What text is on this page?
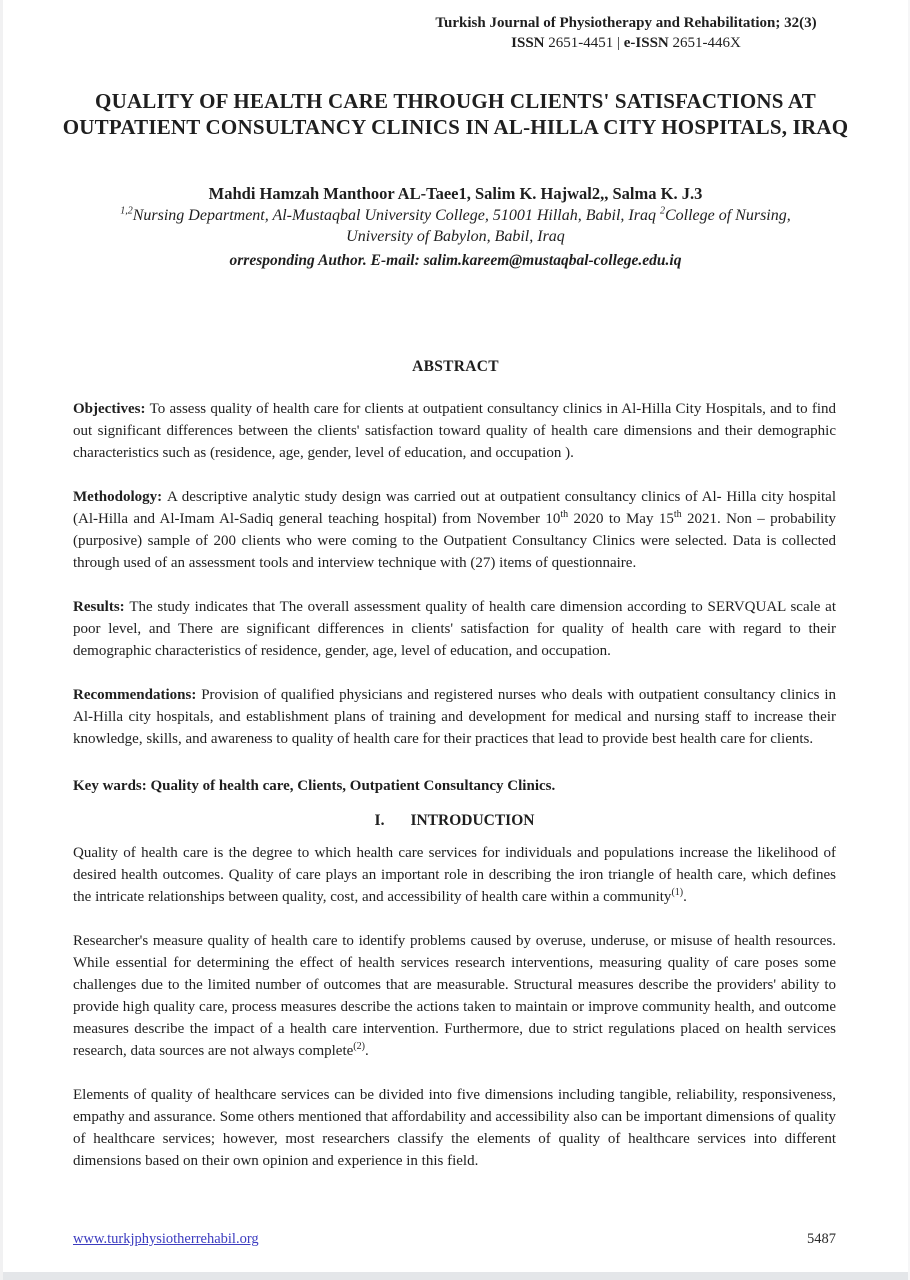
Turkish Journal of Physiotherapy and Rehabilitation; 32(3)
ISSN 2651-4451 | e-ISSN 2651-446X
QUALITY OF HEALTH CARE THROUGH CLIENTS' SATISFACTIONS AT OUTPATIENT CONSULTANCY CLINICS IN AL-HILLA CITY HOSPITALS, IRAQ
Mahdi Hamzah Manthoor AL-Taee1, Salim K. Hajwal2,, Salma K. J.3
$^{1,2}$Nursing Department, Al-Mustaqbal University College, 51001 Hillah, Babil, Iraq $^2$College of Nursing, University of Babylon, Babil, Iraq
orresponding Author. E-mail: salim.kareem@mustaqbal-college.edu.iq
ABSTRACT

Objectives: To assess quality of health care for clients at outpatient consultancy clinics in Al-Hilla City Hospitals, and to find out significant differences between the clients' satisfaction toward quality of health care dimensions and their demographic characteristics such as (residence, age, gender, level of education, and occupation ).

Methodology: A descriptive analytic study design was carried out at outpatient consultancy clinics of Al- Hilla city hospital (Al-Hilla and Al-Imam Al-Sadiq general teaching hospital) from November 10th 2020 to May 15th 2021. Non – probability (purposive) sample of 200 clients who were coming to the Outpatient Consultancy Clinics were selected. Data is collected through used of an assessment tools and interview technique with (27) items of questionnaire.

Results: The study indicates that The overall assessment quality of health care dimension according to SERVQUAL scale at poor level, and There are significant differences in clients' satisfaction for quality of health care with regard to their demographic characteristics of residence, gender, age, level of education, and occupation.

Recommendations: Provision of qualified physicians and registered nurses who deals with outpatient consultancy clinics in Al-Hilla city hospitals, and establishment plans of training and development for medical and nursing staff to increase their knowledge, skills, and awareness to quality of health care for their practices that lead to provide best health care for clients.

Key wards: Quality of health care, Clients, Outpatient Consultancy Clinics.
I. INTRODUCTION

Quality of health care is the degree to which health care services for individuals and populations increase the likelihood of desired health outcomes. Quality of care plays an important role in describing the iron triangle of health care, which defines the intricate relationships between quality, cost, and accessibility of health care within a community$^{(1)}$.

Researcher's measure quality of health care to identify problems caused by overuse, underuse, or misuse of health resources. While essential for determining the effect of health services research interventions, measuring quality of care poses some challenges due to the limited number of outcomes that are measurable. Structural measures describe the providers' ability to provide high quality care, process measures describe the actions taken to maintain or improve community health, and outcome measures describe the impact of a health care intervention. Furthermore, due to strict regulations placed on health services research, data sources are not always complete$^{(2)}$.

Elements of quality of healthcare services can be divided into five dimensions including tangible, reliability, responsiveness, empathy and assurance. Some others mentioned that affordability and accessibility also can be important dimensions of quality of healthcare services; however, most researchers classify the elements of quality of healthcare services into different dimensions based on their own opinion and experience in this field.

www.turkjphysiotherrehabil.org	5487
